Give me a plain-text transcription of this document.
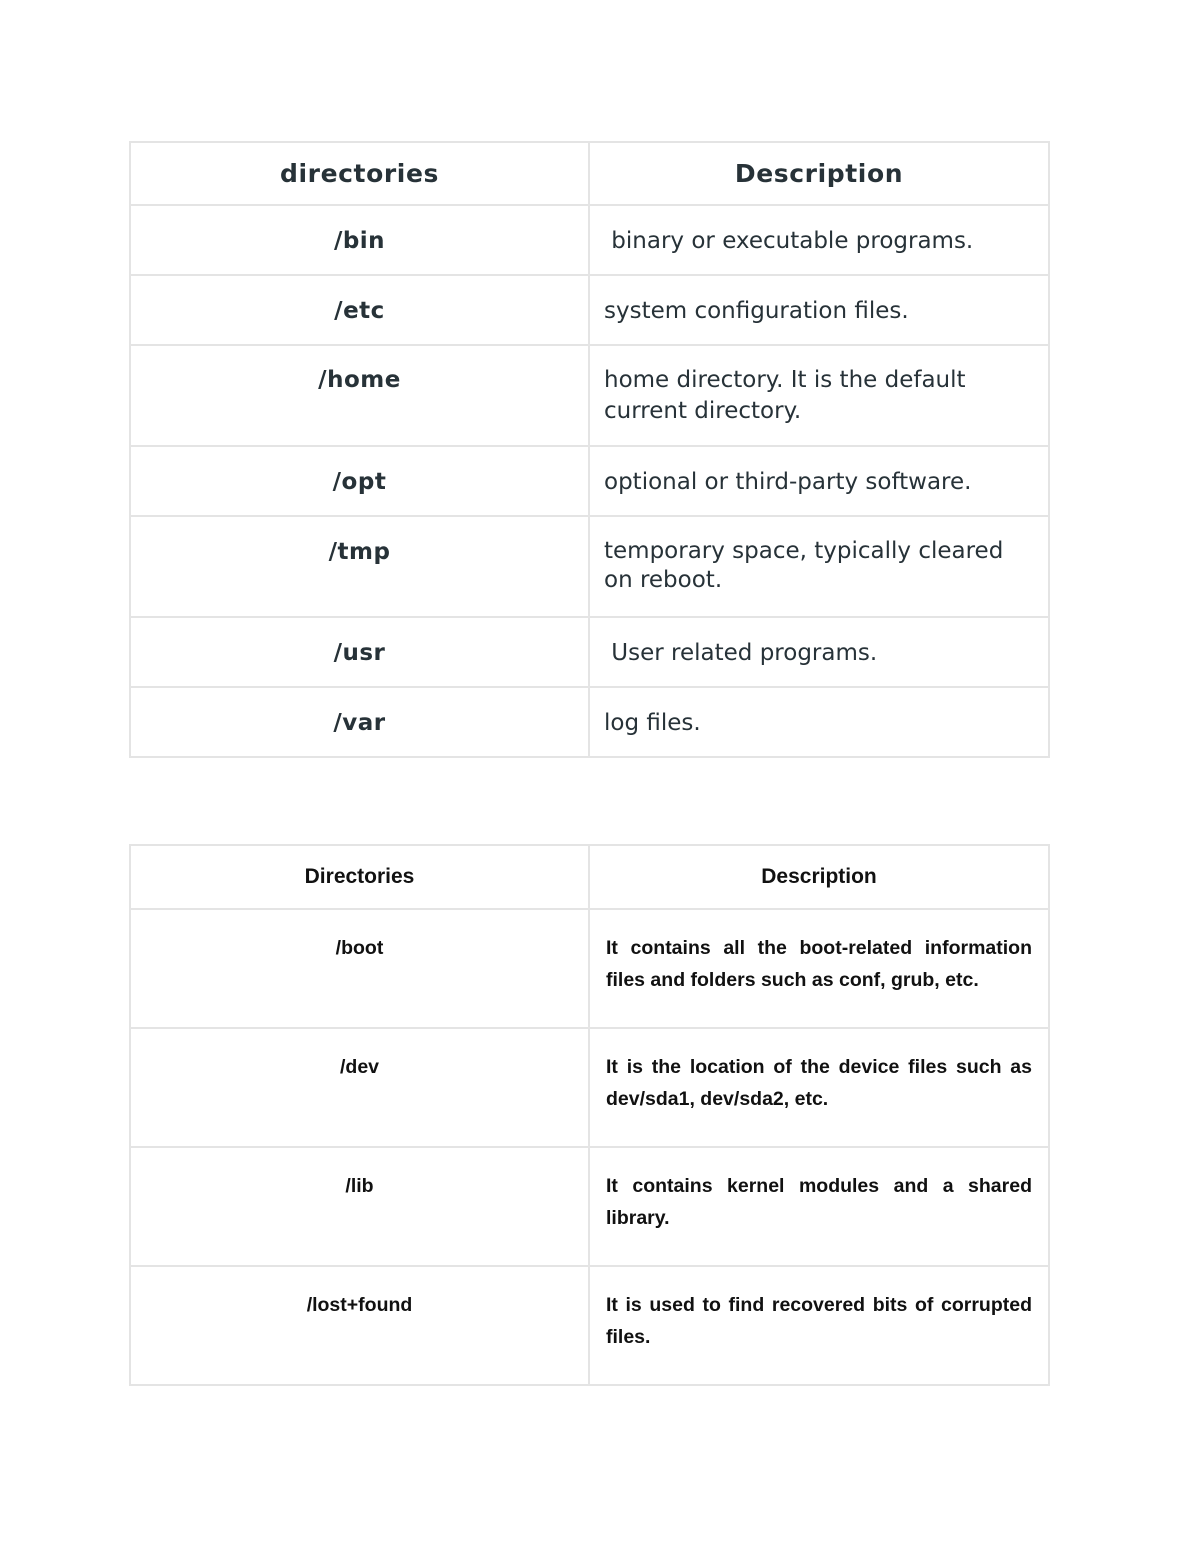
directories	Description
/bin	binary or executable programs.
/etc	system configuration files.
/home	home directory. It is the default current directory.
/opt	optional or third-party software.
/tmp	temporary space, typically cleared on reboot.
/usr	User related programs.
/var	log files.
Directories	Description
/boot	It contains all the boot-related information files and folders such as conf, grub, etc.
/dev	It is the location of the device files such as dev/sda1, dev/sda2, etc.
/lib	It contains kernel modules and a shared library.
/lost+found	It is used to find recovered bits of corrupted files.
